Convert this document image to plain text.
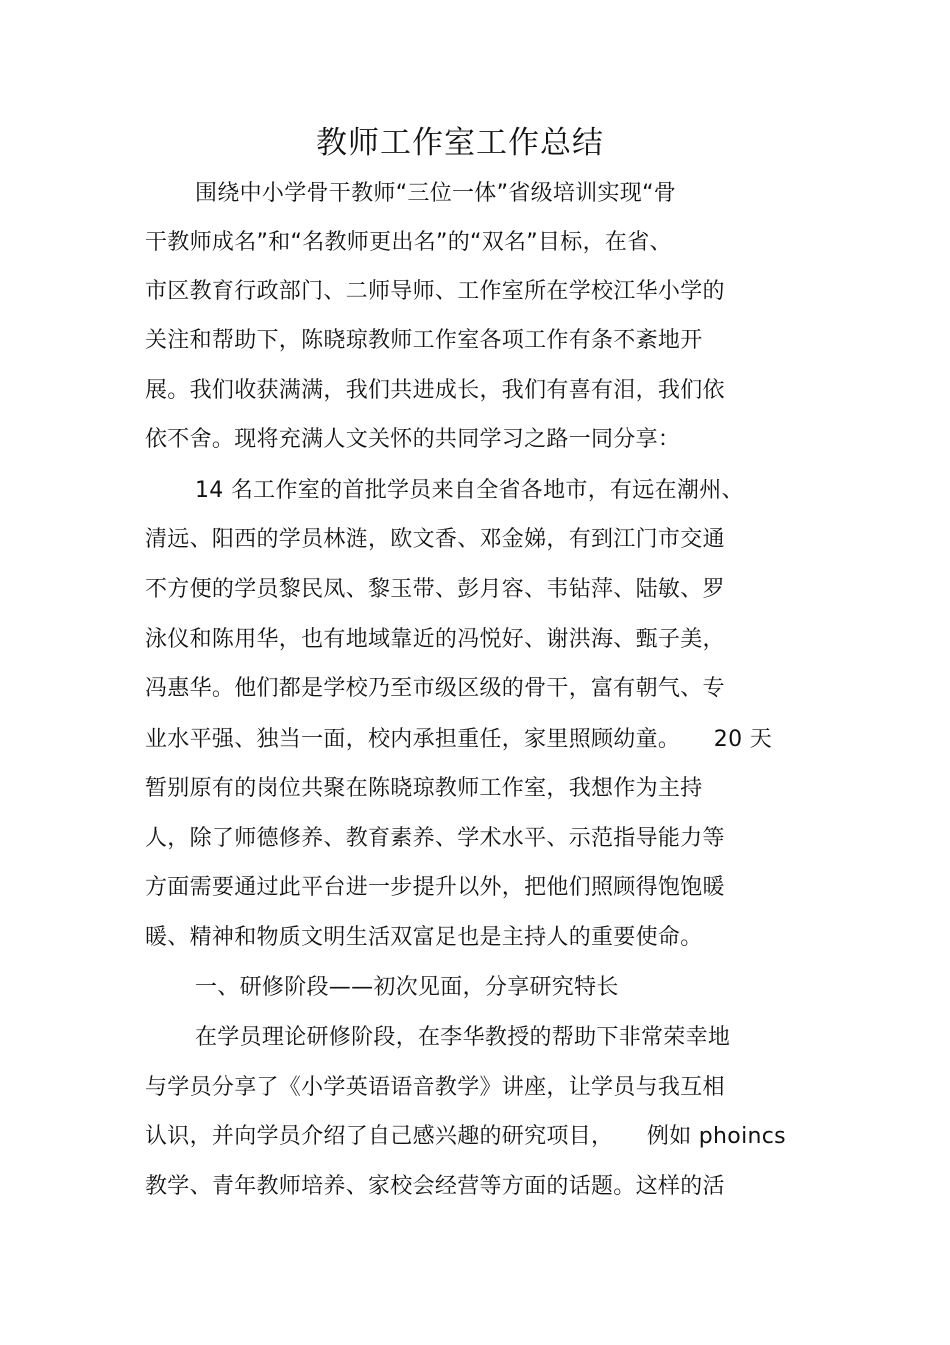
教师工作室工作总结
围绕中小学骨干教师“三位一体”省级培训实现“骨
干教师成名”和“名教师更出名”的“双名”目标，在省、
市区教育行政部门、二师导师、工作室所在学校江华小学的
关注和帮助下，陈晓琼教师工作室各项工作有条不紊地开
展。我们收获满满，我们共进成长，我们有喜有泪，我们依
依不舍。现将充满人文关怀的共同学习之路一同分享：
14 名工作室的首批学员来自全省各地市，有远在潮州、
清远、阳西的学员林涟，欧文香、邓金娣，有到江门市交通
不方便的学员黎民凤、黎玉带、彭月容、韦钻萍、陆敏、罗
泳仪和陈用华，也有地域靠近的冯悦好、谢洪海、甄子美，
冯惠华。他们都是学校乃至市级区级的骨干，富有朝气、专
业水平强、独当一面，校内承担重任，家里照顾幼童。　　20 天
暂别原有的岗位共聚在陈晓琼教师工作室，我想作为主持
人，除了师德修养、教育素养、学术水平、示范指导能力等
方面需要通过此平台进一步提升以外，把他们照顾得饱饱暖
暖、精神和物质文明生活双富足也是主持人的重要使命。
一、研修阶段——初次见面，分享研究特长
在学员理论研修阶段，在李华教授的帮助下非常荣幸地
与学员分享了《小学英语语音教学》讲座，让学员与我互相
认识，并向学员介绍了自己感兴趣的研究项目，　　例如 phoincs
教学、青年教师培养、家校会经营等方面的话题。这样的活
